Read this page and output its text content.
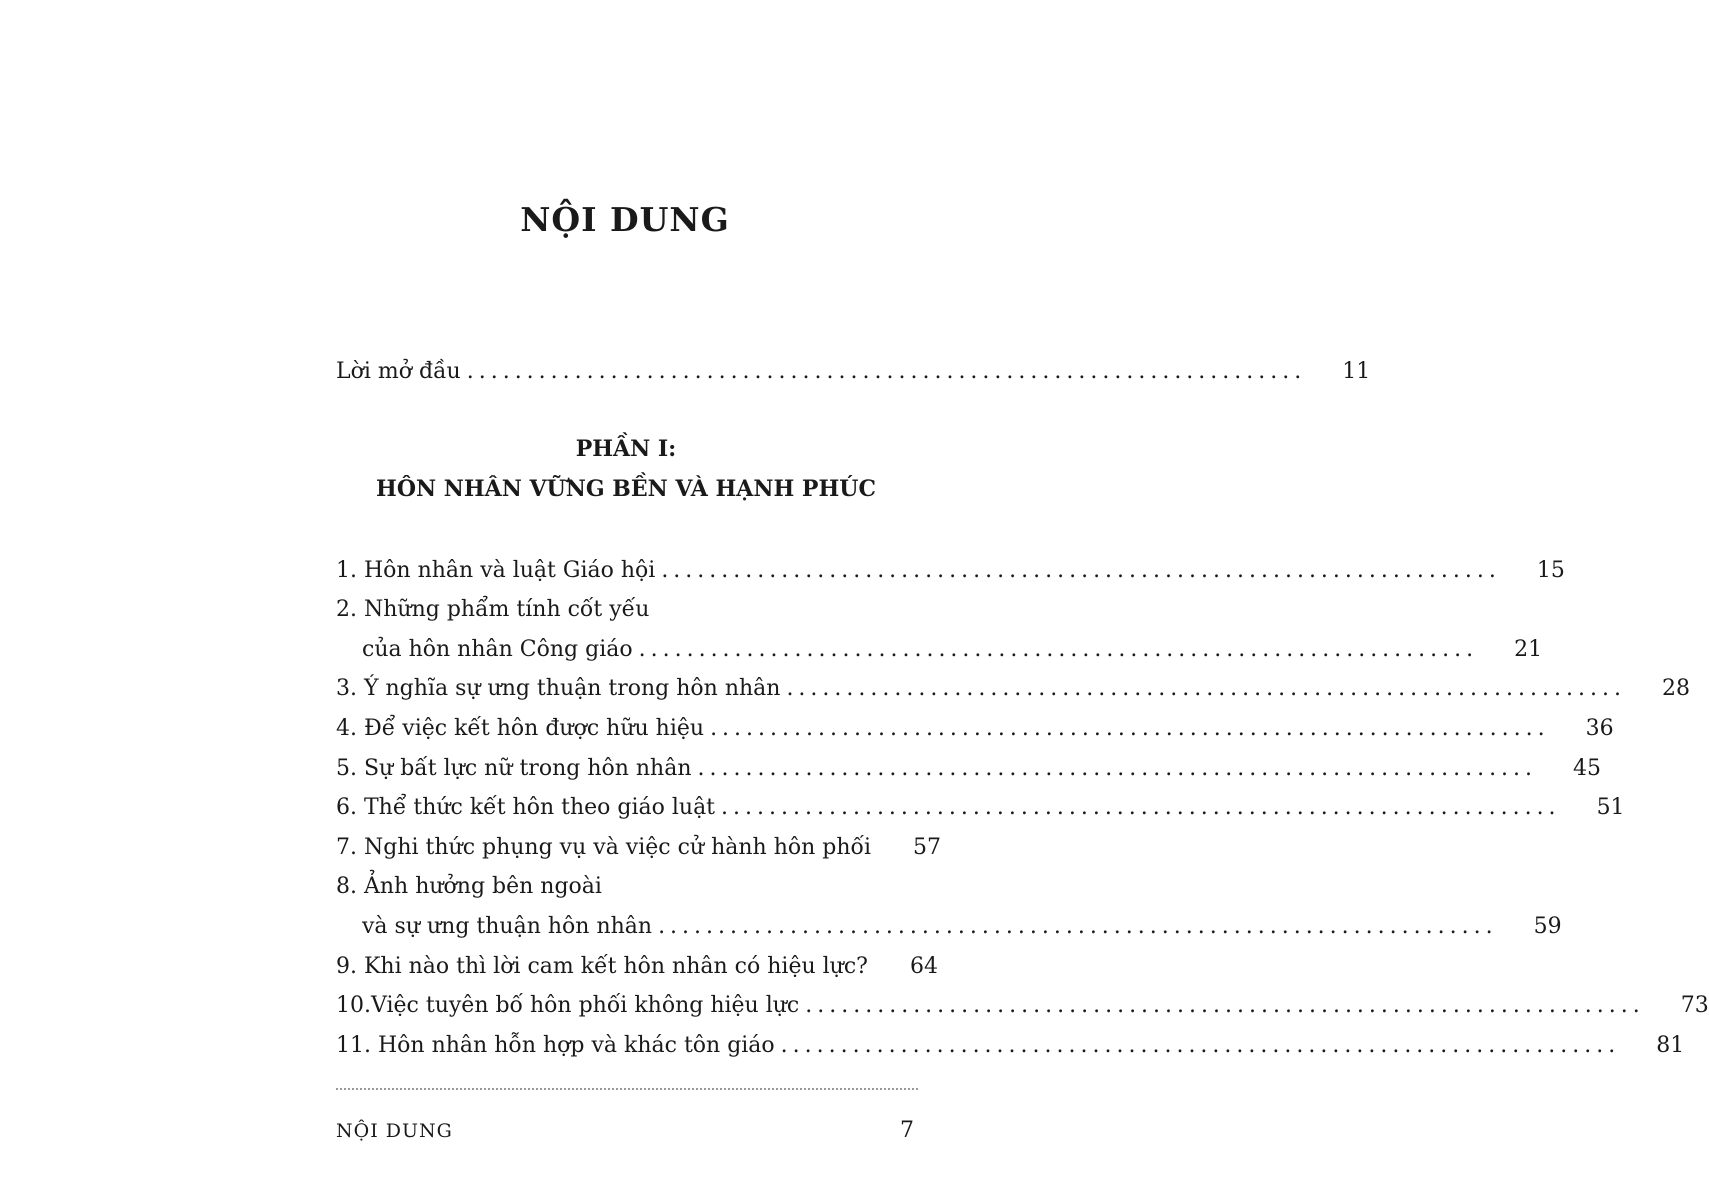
NỘI DUNG
Lời mở đầu ...................................................................... 11
PHẦN I:
HÔN NHÂN VỮNG BỀN VÀ HẠNH PHÚC
1. Hôn nhân và luật Giáo hội ...................................................................... 15
2. Những phẩm tính cốt yếu
của hôn nhân Công giáo ...................................................................... 21
3. Ý nghĩa sự ưng thuận trong hôn nhân ...................................................................... 28
4. Để việc kết hôn được hữu hiệu ...................................................................... 36
5. Sự bất lực nữ trong hôn nhân ...................................................................... 45
6. Thể thức kết hôn theo giáo luật ...................................................................... 51
7. Nghi thức phụng vụ và việc cử hành hôn phối 57
8. Ảnh hưởng bên ngoài
và sự ưng thuận hôn nhân ...................................................................... 59
9. Khi nào thì lời cam kết hôn nhân có hiệu lực? 64
10.Việc tuyên bố hôn phối không hiệu lực ...................................................................... 73
11. Hôn nhân hỗn hợp và khác tôn giáo ...................................................................... 81
NỘI DUNG	7
